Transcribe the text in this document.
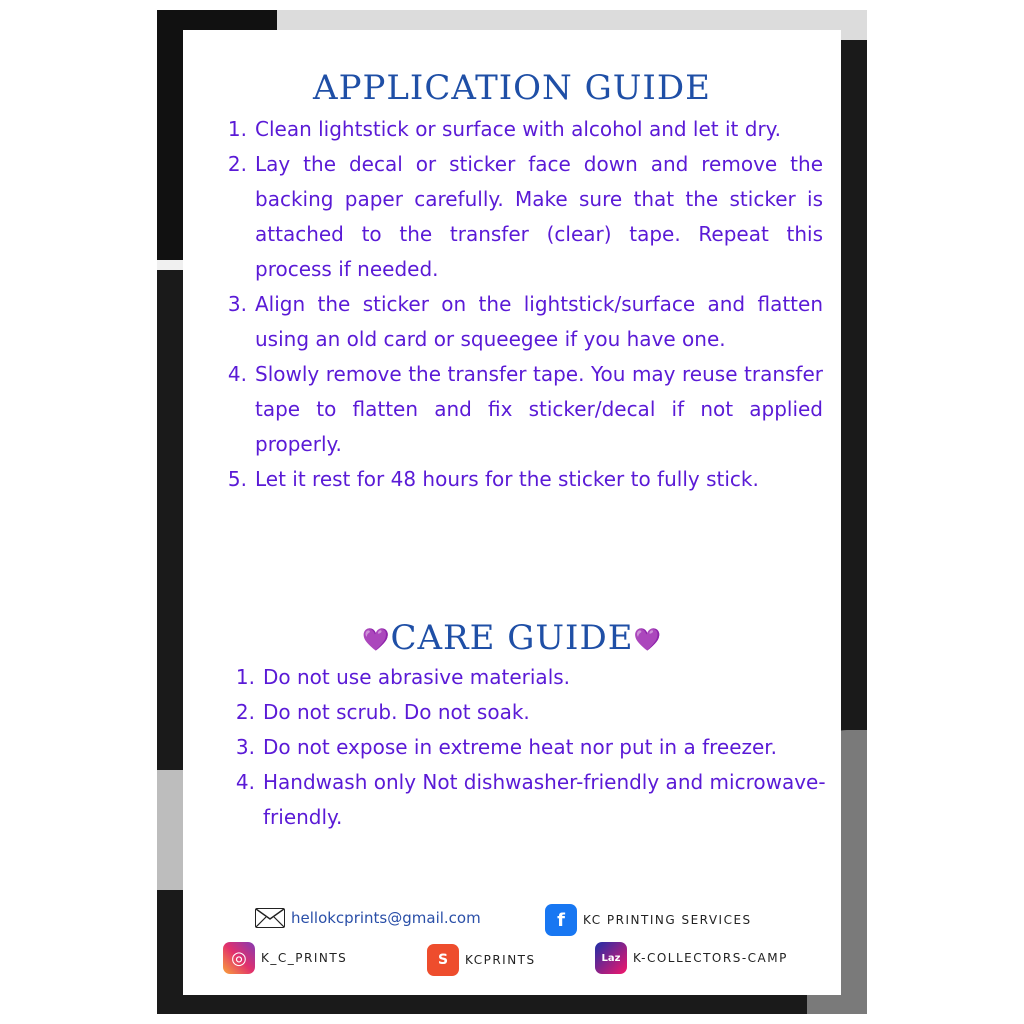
APPLICATION GUIDE
1. Clean lightstick or surface with alcohol and let it dry.
2. Lay the decal or sticker face down and remove the backing paper carefully. Make sure that the sticker is attached to the transfer (clear) tape. Repeat this process if needed.
3. Align the sticker on the lightstick/surface and flatten using an old card or squeegee if you have one.
4. Slowly remove the transfer tape. You may reuse transfer tape to flatten and fix sticker/decal if not applied properly.
5. Let it rest for 48 hours for the sticker to fully stick.
💜CARE GUIDE💜
1. Do not use abrasive materials.
2. Do not scrub. Do not soak.
3. Do not expose in extreme heat nor put in a freezer.
4. Handwash only Not dishwasher-friendly and microwave-friendly.
hellokcprints@gmail.com	f	KC PRINTING SERVICES
◎	K_C_PRINTS	S	KCPRINTS	Laz	K-COLLECTORS-CAMP
